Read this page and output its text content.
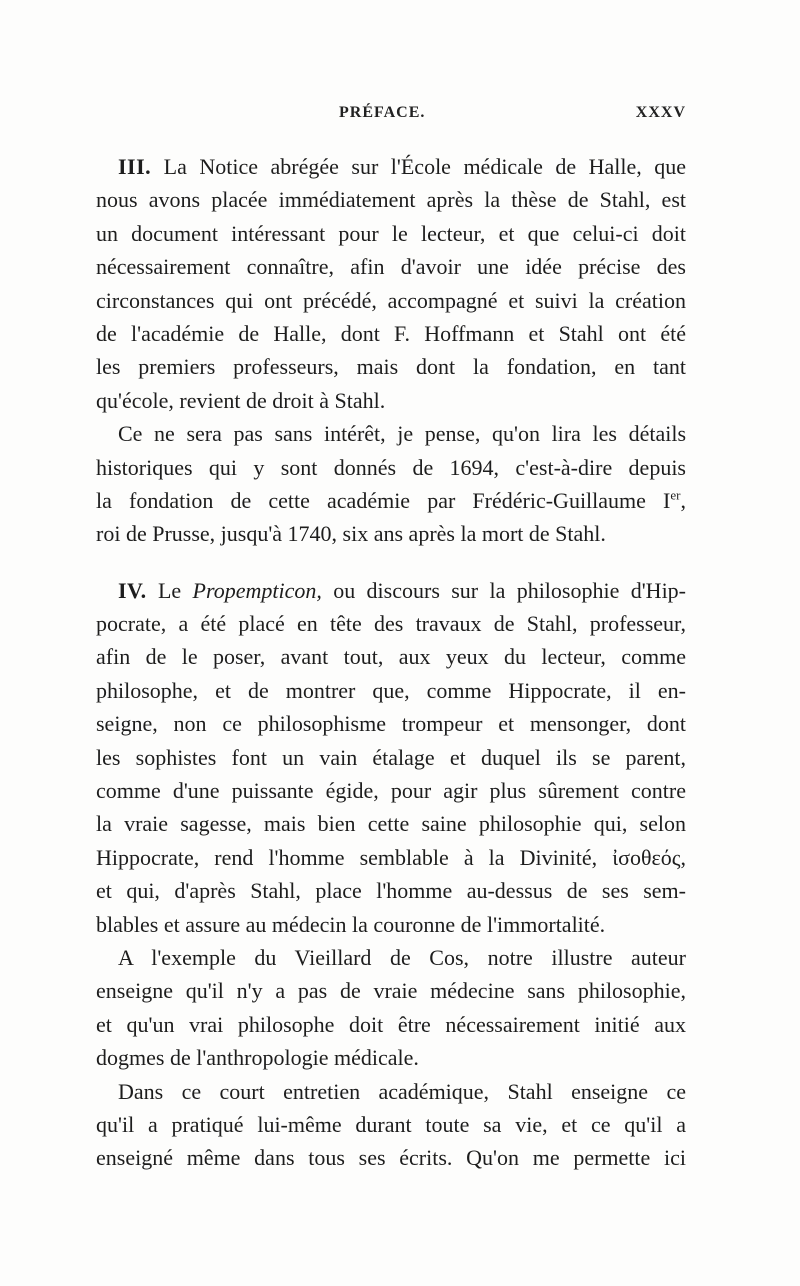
PRÉFACE.	XXXV
III. La Notice abrégée sur l'École médicale de Halle, que
nous avons placée immédiatement après la thèse de Stahl, est
un document intéressant pour le lecteur, et que celui-ci doit
nécessairement connaître, afin d'avoir une idée précise des
circonstances qui ont précédé, accompagné et suivi la création
de l'académie de Halle, dont F. Hoffmann et Stahl ont été
les premiers professeurs, mais dont la fondation, en tant
qu'école, revient de droit à Stahl.
Ce ne sera pas sans intérêt, je pense, qu'on lira les détails
historiques qui y sont donnés de 1694, c'est-à-dire depuis
la fondation de cette académie par Frédéric-Guillaume Ier,
roi de Prusse, jusqu'à 1740, six ans après la mort de Stahl.
IV. Le Propempticon, ou discours sur la philosophie d'Hip-
pocrate, a été placé en tête des travaux de Stahl, professeur,
afin de le poser, avant tout, aux yeux du lecteur, comme
philosophe, et de montrer que, comme Hippocrate, il en-
seigne, non ce philosophisme trompeur et mensonger, dont
les sophistes font un vain étalage et duquel ils se parent,
comme d'une puissante égide, pour agir plus sûrement contre
la vraie sagesse, mais bien cette saine philosophie qui, selon
Hippocrate, rend l'homme semblable à la Divinité, ἰσοθεός,
et qui, d'après Stahl, place l'homme au-dessus de ses sem-
blables et assure au médecin la couronne de l'immortalité.
A l'exemple du Vieillard de Cos, notre illustre auteur
enseigne qu'il n'y a pas de vraie médecine sans philosophie,
et qu'un vrai philosophe doit être nécessairement initié aux
dogmes de l'anthropologie médicale.
Dans ce court entretien académique, Stahl enseigne ce
qu'il a pratiqué lui-même durant toute sa vie, et ce qu'il a
enseigné même dans tous ses écrits. Qu'on me permette ici
